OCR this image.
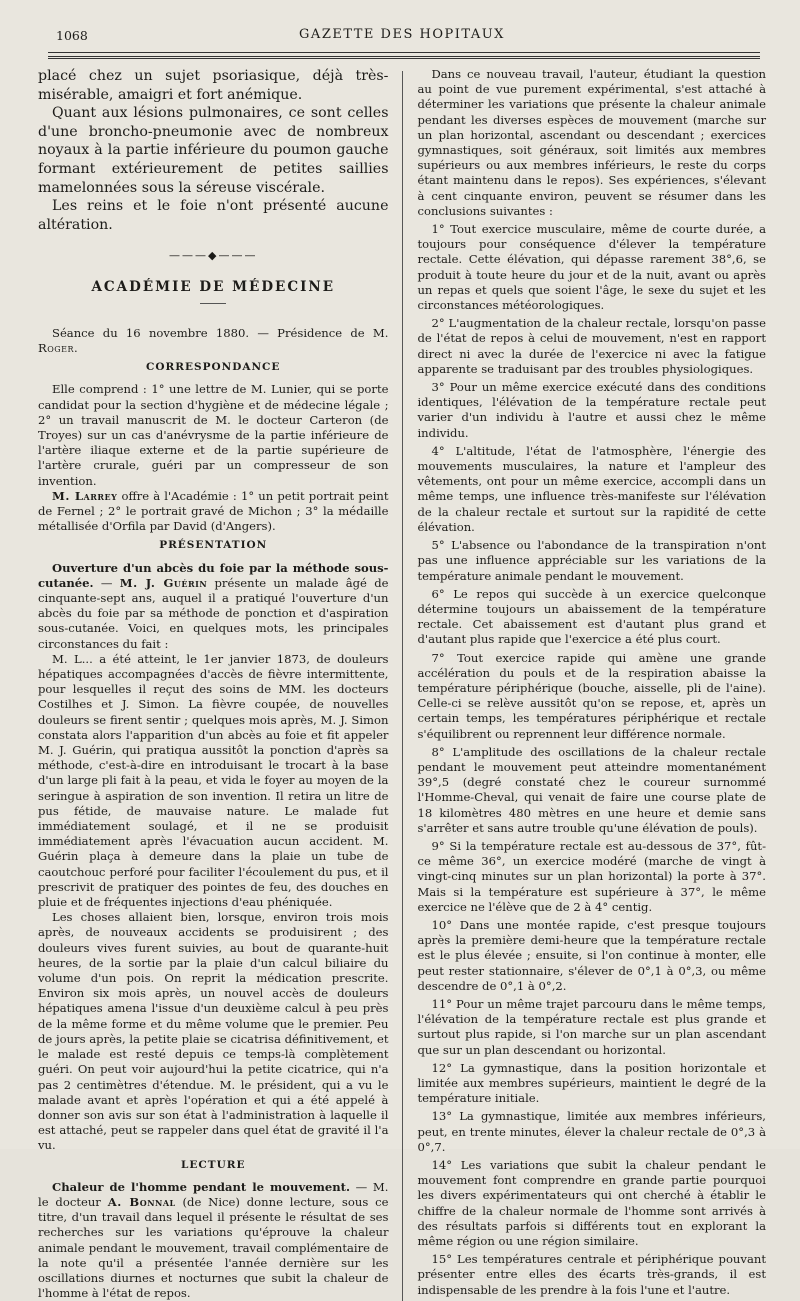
1068	GAZETTE DES HOPITAUX

placé chez un sujet psoriasique, déjà très-misérable, amaigri et fort anémique.

Quant aux lésions pulmonaires, ce sont celles d'une broncho-pneumonie avec de nombreux noyaux à la partie inférieure du poumon gauche formant extérieurement de petites saillies mamelonnées sous la séreuse viscérale.

Les reins et le foie n'ont présenté aucune altération.

———◆———
ACADÉMIE DE MÉDECINE

Séance du 16 novembre 1880. — Présidence de M. Roger.

CORRESPONDANCE

Elle comprend : 1° une lettre de M. Lunier, qui se porte candidat pour la section d'hygiène et de médecine légale ; 2° un travail manuscrit de M. le docteur Carteron (de Troyes) sur un cas d'anévrysme de la partie inférieure de l'artère iliaque externe et de la partie supérieure de l'artère crurale, guéri par un compresseur de son invention.

M. Larrey offre à l'Académie : 1° un petit portrait peint de Fernel ; 2° le portrait gravé de Michon ; 3° la médaille métallisée d'Orfila par David (d'Angers).

PRÉSENTATION

Ouverture d'un abcès du foie par la méthode sous-cutanée. — M. J. Guérin présente un malade âgé de cinquante-sept ans, auquel il a pratiqué l'ouverture d'un abcès du foie par sa méthode de ponction et d'aspiration sous-cutanée. Voici, en quelques mots, les principales circonstances du fait :

M. L... a été atteint, le 1er janvier 1873, de douleurs hépatiques accompagnées d'accès de fièvre intermittente, pour lesquelles il reçut des soins de MM. les docteurs Costilhes et J. Simon. La fièvre coupée, de nouvelles douleurs se firent sentir ; quelques mois après, M. J. Simon constata alors l'apparition d'un abcès au foie et fit appeler M. J. Guérin, qui pratiqua aussitôt la ponction d'après sa méthode, c'est-à-dire en introduisant le trocart à la base d'un large pli fait à la peau, et vida le foyer au moyen de la seringue à aspiration de son invention. Il retira un litre de pus fétide, de mauvaise nature. Le malade fut immédiatement soulagé, et il ne se produisit immédiatement après l'évacuation aucun accident. M. Guérin plaça à demeure dans la plaie un tube de caoutchouc perforé pour faciliter l'écoulement du pus, et il prescrivit de pratiquer des pointes de feu, des douches en pluie et de fréquentes injections d'eau phéniquée.

Les choses allaient bien, lorsque, environ trois mois après, de nouveaux accidents se produisirent ; des douleurs vives furent suivies, au bout de quarante-huit heures, de la sortie par la plaie d'un calcul biliaire du volume d'un pois. On reprit la médication prescrite. Environ six mois après, un nouvel accès de douleurs hépatiques amena l'issue d'un deuxième calcul à peu près de la même forme et du même volume que le premier. Peu de jours après, la petite plaie se cicatrisa définitivement, et le malade est resté depuis ce temps-là complètement guéri. On peut voir aujourd'hui la petite cicatrice, qui n'a pas 2 centimètres d'étendue. M. le président, qui a vu le malade avant et après l'opération et qui a été appelé à donner son avis sur son état à l'administration à laquelle il est attaché, peut se rappeler dans quel état de gravité il l'a vu.

LECTURE

Chaleur de l'homme pendant le mouvement. — M. le docteur A. Bonnal (de Nice) donne lecture, sous ce titre, d'un travail dans lequel il présente le résultat de ses recherches sur les variations qu'éprouve la chaleur animale pendant le mouvement, travail complémentaire de la note qu'il a présentée l'année dernière sur les oscillations diurnes et nocturnes que subit la chaleur de l'homme à l'état de repos.

Dans ce nouveau travail, l'auteur, étudiant la question au point de vue purement expérimental, s'est attaché à déterminer les variations que présente la chaleur animale pendant les diverses espèces de mouvement (marche sur un plan horizontal, ascendant ou descendant ; exercices gymnastiques, soit généraux, soit limités aux membres supérieurs ou aux membres inférieurs, le reste du corps étant maintenu dans le repos). Ses expériences, s'élevant à cent cinquante environ, peuvent se résumer dans les conclusions suivantes :

1° Tout exercice musculaire, même de courte durée, a toujours pour conséquence d'élever la température rectale. Cette élévation, qui dépasse rarement 38°,6, se produit à toute heure du jour et de la nuit, avant ou après un repas et quels que soient l'âge, le sexe du sujet et les circonstances météorologiques.

2° L'augmentation de la chaleur rectale, lorsqu'on passe de l'état de repos à celui de mouvement, n'est en rapport direct ni avec la durée de l'exercice ni avec la fatigue apparente se traduisant par des troubles physiologiques.

3° Pour un même exercice exécuté dans des conditions identiques, l'élévation de la température rectale peut varier d'un individu à l'autre et aussi chez le même individu.

4° L'altitude, l'état de l'atmosphère, l'énergie des mouvements musculaires, la nature et l'ampleur des vêtements, ont pour un même exercice, accompli dans un même temps, une influence très-manifeste sur l'élévation de la chaleur rectale et surtout sur la rapidité de cette élévation.

5° L'absence ou l'abondance de la transpiration n'ont pas une influence appréciable sur les variations de la température animale pendant le mouvement.

6° Le repos qui succède à un exercice quelconque détermine toujours un abaissement de la température rectale. Cet abaissement est d'autant plus grand et d'autant plus rapide que l'exercice a été plus court.

7° Tout exercice rapide qui amène une grande accélération du pouls et de la respiration abaisse la température périphérique (bouche, aisselle, pli de l'aine). Celle-ci se relève aussitôt qu'on se repose, et, après un certain temps, les températures périphérique et rectale s'équilibrent ou reprennent leur différence normale.

8° L'amplitude des oscillations de la chaleur rectale pendant le mouvement peut atteindre momentanément 39°,5 (degré constaté chez le coureur surnommé l'Homme-Cheval, qui venait de faire une course plate de 18 kilomètres 480 mètres en une heure et demie sans s'arrêter et sans autre trouble qu'une élévation de pouls).

9° Si la température rectale est au-dessous de 37°, fût-ce même 36°, un exercice modéré (marche de vingt à vingt-cinq minutes sur un plan horizontal) la porte à 37°. Mais si la température est supérieure à 37°, le même exercice ne l'élève que de 2 à 4° centig.

10° Dans une montée rapide, c'est presque toujours après la première demi-heure que la température rectale est le plus élevée ; ensuite, si l'on continue à monter, elle peut rester stationnaire, s'élever de 0°,1 à 0°,3, ou même descendre de 0°,1 à 0°,2.

11° Pour un même trajet parcouru dans le même temps, l'élévation de la température rectale est plus grande et surtout plus rapide, si l'on marche sur un plan ascendant que sur un plan descendant ou horizontal.

12° La gymnastique, dans la position horizontale et limitée aux membres supérieurs, maintient le degré de la température initiale.

13° La gymnastique, limitée aux membres inférieurs, peut, en trente minutes, élever la chaleur rectale de 0°,3 à 0°,7.

14° Les variations que subit la chaleur pendant le mouvement font comprendre en grande partie pourquoi les divers expérimentateurs qui ont cherché à établir le chiffre de la chaleur normale de l'homme sont arrivés à des résultats parfois si différents tout en explorant la même région ou une région similaire.

15° Les températures centrale et périphérique pouvant présenter entre elles des écarts très-grands, il est indispensable de les prendre à la fois l'une et l'autre.
